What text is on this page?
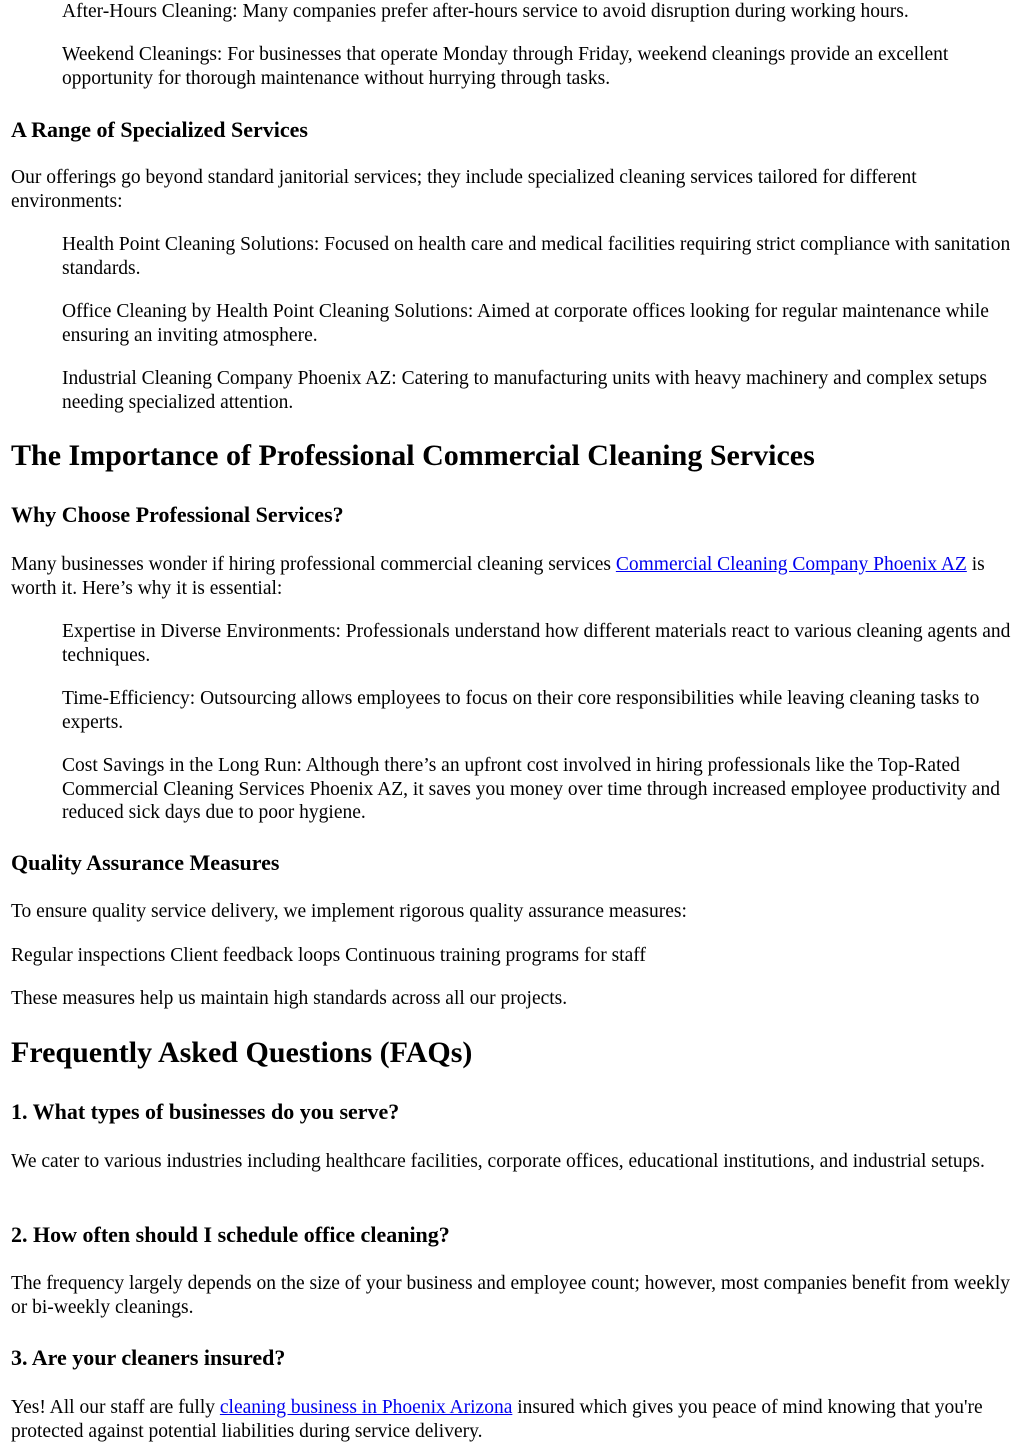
After-Hours Cleaning: Many companies prefer after-hours service to avoid disruption during working hours.

Weekend Cleanings: For businesses that operate Monday through Friday, weekend cleanings provide an excellent opportunity for thorough maintenance without hurrying through tasks.

A Range of Specialized Services

Our offerings go beyond standard janitorial services; they include specialized cleaning services tailored for different environments:

Health Point Cleaning Solutions: Focused on health care and medical facilities requiring strict compliance with sanitation standards.

Office Cleaning by Health Point Cleaning Solutions: Aimed at corporate offices looking for regular maintenance while ensuring an inviting atmosphere.

Industrial Cleaning Company Phoenix AZ: Catering to manufacturing units with heavy machinery and complex setups needing specialized attention.

The Importance of Professional Commercial Cleaning Services
Why Choose Professional Services?

Many businesses wonder if hiring professional commercial cleaning services Commercial Cleaning Company Phoenix AZ is worth it. Here’s why it is essential:

Expertise in Diverse Environments: Professionals understand how different materials react to various cleaning agents and techniques.

Time-Efficiency: Outsourcing allows employees to focus on their core responsibilities while leaving cleaning tasks to experts.

Cost Savings in the Long Run: Although there’s an upfront cost involved in hiring professionals like the Top-Rated Commercial Cleaning Services Phoenix AZ, it saves you money over time through increased employee productivity and reduced sick days due to poor hygiene.

Quality Assurance Measures

To ensure quality service delivery, we implement rigorous quality assurance measures:

Regular inspections Client feedback loops Continuous training programs for staff

These measures help us maintain high standards across all our projects.

Frequently Asked Questions (FAQs)
1. What types of businesses do you serve?

We cater to various industries including healthcare facilities, corporate offices, educational institutions, and industrial setups.

2. How often should I schedule office cleaning?

The frequency largely depends on the size of your business and employee count; however, most companies benefit from weekly or bi-weekly cleanings.

3. Are your cleaners insured?

Yes! All our staff are fully cleaning business in Phoenix Arizona insured which gives you peace of mind knowing that you're protected against potential liabilities during service delivery.
